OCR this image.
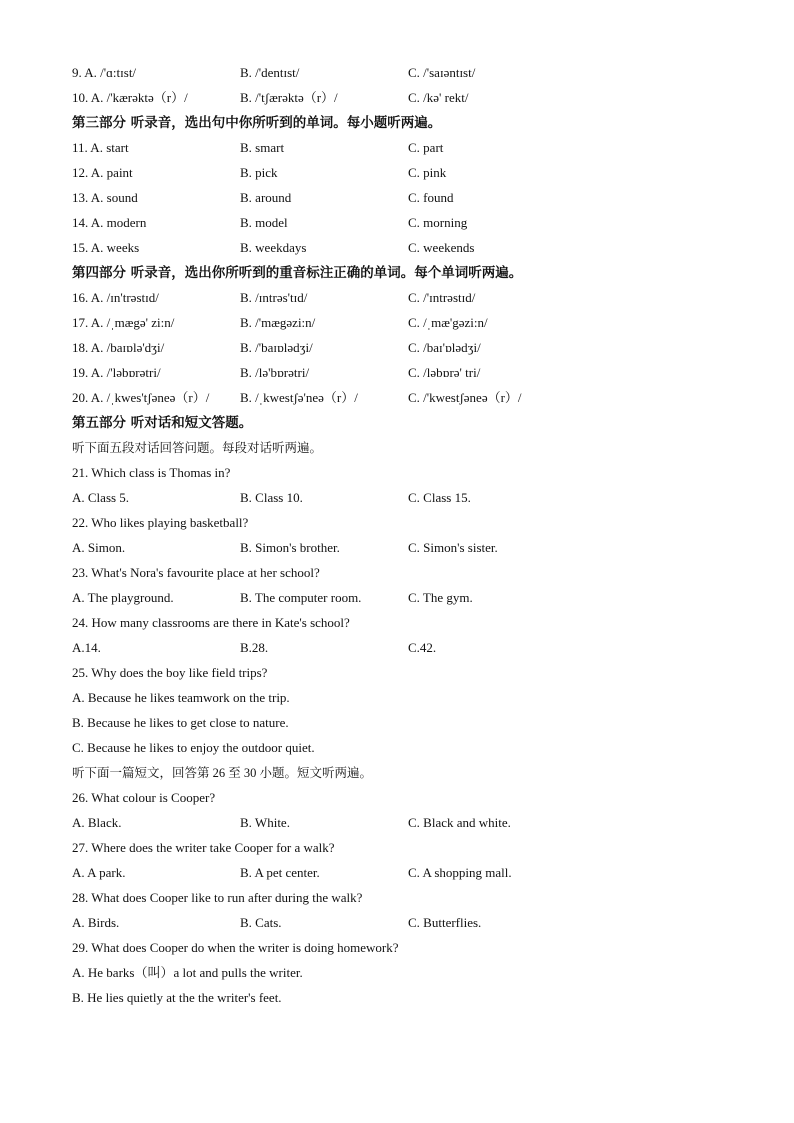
9. A. /'ɑ:tɪst/	B. /'dentɪst/	C. /'saɪəntɪst/
10. A. /'kærəktə（r）/	B. /'tʃærəktə（r）/	C. /kə' rekt/
第三部分 听录音，选出句中你所听到的单词。每小题听两遍。
11. A. start	B. smart	C. part
12. A. paint	B. pick	C. pink
13. A. sound	B. around	C. found
14. A. modern	B. model	C. morning
15. A. weeks	B. weekdays	C. weekends
第四部分 听录音，选出你所听到的重音标注正确的单词。每个单词听两遍。
16. A. /ɪn'trəstɪd/	B. /ɪntrəs'tɪd/	C. /'ɪntrəstɪd/
17. A. /ˌmægə' zi:n/	B. /'mægəzi:n/	C. /ˌmæ'gəzi:n/
18. A. /baɪɒlə'dʒi/	B. /'baɪɒlədʒi/	C. /baɪ'ɒlədʒi/
19. A. /'ləbɒrətri/	B. /lə'bɒrətri/	C. /ləbɒrə' tri/
20. A. /ˌkwes'tʃəneə（r）/ B. /ˌkwestʃə'neə（r）/	C. /'kwestʃəneə（r）/
第五部分 听对话和短文答题。
听下面五段对话回答问题。每段对话听两遍。
21. Which class is Thomas in?
A. Class 5.	B. Class 10.	C. Class 15.
22. Who likes playing basketball?
A. Simon.	B. Simon's brother.	C. Simon's sister.
23. What's Nora's favourite place at her school?
A. The playground.	B. The computer room.	C. The gym.
24. How many classrooms are there in Kate's school?
A.14.	B.28.	C.42.
25. Why does the boy like field trips?
A. Because he likes teamwork on the trip.
B. Because he likes to get close to nature.
C. Because he likes to enjoy the outdoor quiet.
听下面一篇短文，回答第 26 至 30 小题。短文听两遍。
26. What colour is Cooper?
A. Black.	B. White.	C. Black and white.
27. Where does the writer take Cooper for a walk?
A. A park.	B. A pet center.	C. A shopping mall.
28. What does Cooper like to run after during the walk?
A. Birds.	B. Cats.	C. Butterflies.
29. What does Cooper do when the writer is doing homework?
A. He barks（叫）a lot and pulls the writer.
B. He lies quietly at the the writer's feet.
